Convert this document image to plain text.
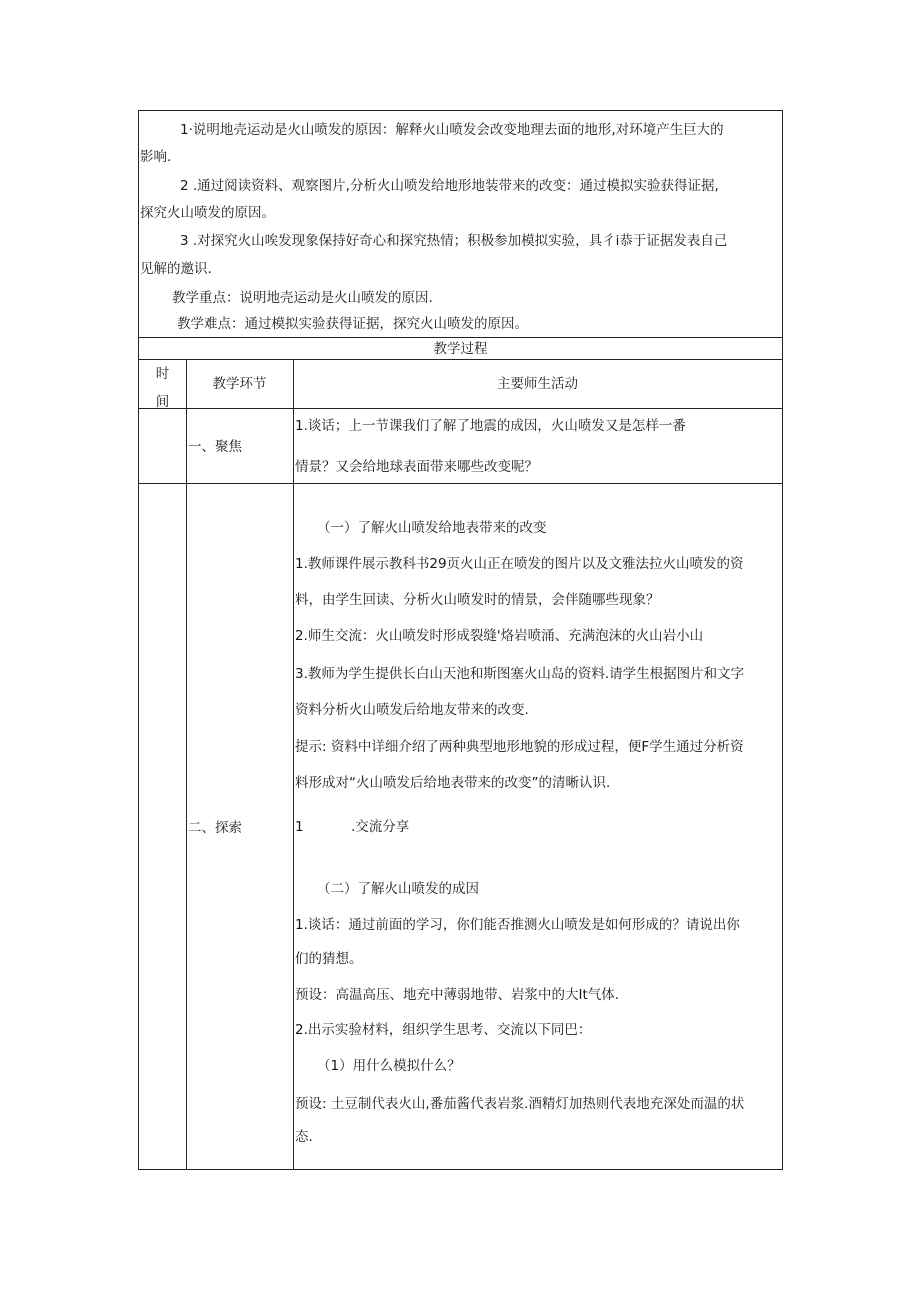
1·说明地壳运动是火山喷发的原因：解释火山喷发会改变地理去面的地形,对环境产生巨大的
影响.
2 .通过阅读资料、观察图片,分析火山喷发给地形地装带来的改变：通过模拟实验获得证据,
探究火山喷发的原因。
3 .对探究火山唉发现象保持好奇心和探究热情；积极参加模拟实验，具彳i恭于证据发表自己
见解的邀识.
教学重点：说明地壳运动是火山喷发的原因.
教学难点：通过模拟实验获得证据，探究火山喷发的原因。
教学过程
时
间
教学环节	主要师生活动
一、聚焦
1.谈话；上一节课我们了解了地震的成因，火山喷发又是怎样一番
情景？又会给地球表面带来哪些改变呢？
二、探索
（一）了解火山喷发给地表带来的改变
1.教师课件展示教科书29页火山正在喷发的图片以及文雅法拉火山喷发的资
料，由学生回读、分析火山喷发时的情景，会伴随哪些现象？
2.师生交流：火山喷发时形成裂缝'烙岩喷涌、充满泡沫的火山岩小山
3.教师为学生提供长白山天池和斯图塞火山岛的资料.请学生根据图片和文字
资料分析火山喷发后给地友带来的改变.
提示: 资料中详细介绍了两种典型地形地貌的形成过程，便F学生通过分析资
料形成对“火山喷发后给地表带来的改变”的清晰认识.
1	.交流分享
（二）了解火山喷发的成因
1.谈话：通过前面的学习，你们能否推测火山喷发是如何形成的？请说出你
们的猜想。
预设：高温高压、地充中薄弱地带、岩浆中的大It气体.
2.出示实验材料，组织学生思考、交流以下同巴：
（1）用什么模拟什么？
预设: 土豆制代表火山,番茄酱代表岩浆.酒精灯加热则代表地充深处而温的状
态.
